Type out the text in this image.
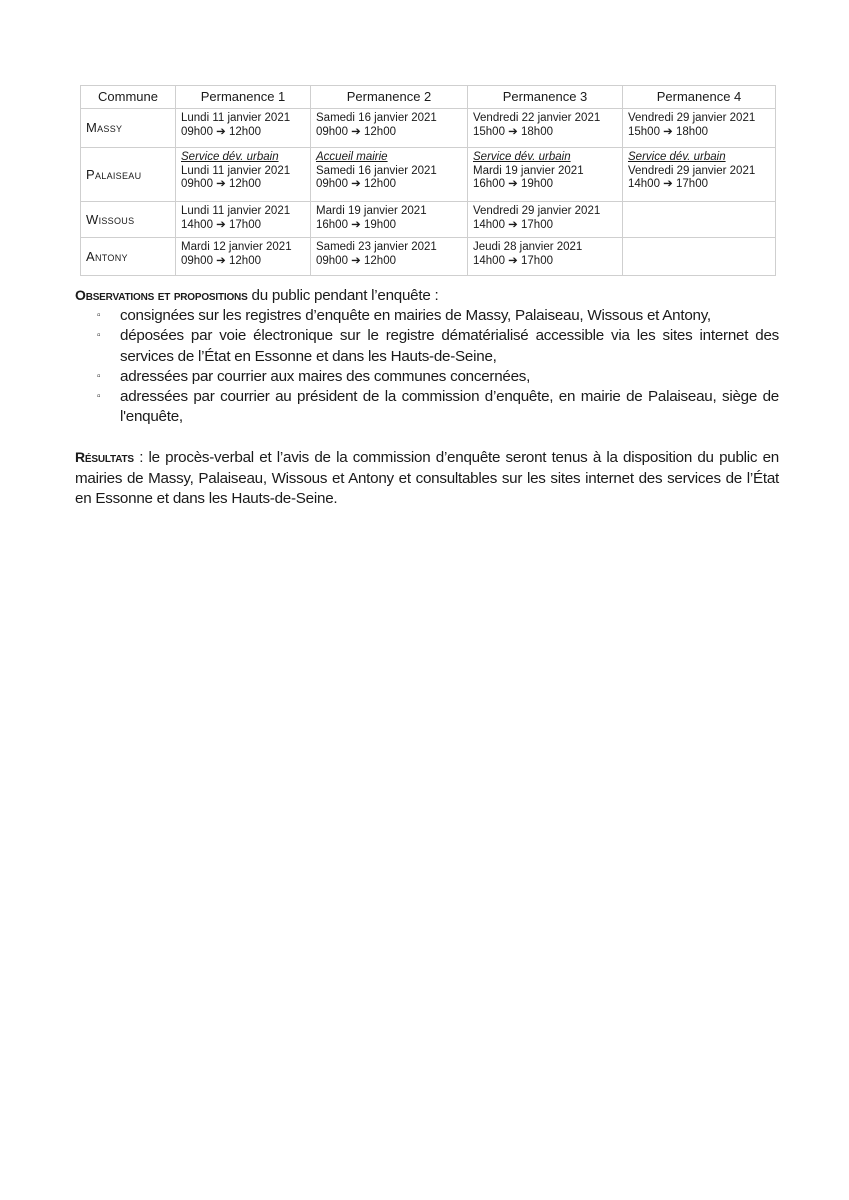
Commune	Permanence 1	Permanence 2	Permanence 3	Permanence 4
Massy	Lundi 11 janvier 2021
09h00 ➔ 12h00	Samedi 16 janvier 2021
09h00 ➔ 12h00	Vendredi 22 janvier 2021
15h00 ➔ 18h00	Vendredi 29 janvier 2021
15h00 ➔ 18h00

Palaiseau	Service dév. urbain
Lundi 11 janvier 2021
09h00 ➔ 12h00	Accueil mairie
Samedi 16 janvier 2021
09h00 ➔ 12h00	Service dév. urbain
Mardi 19 janvier 2021
16h00 ➔ 19h00	Service dév. urbain
Vendredi 29 janvier 2021
14h00 ➔ 17h00

Wissous	Lundi 11 janvier 2021
14h00 ➔ 17h00	Mardi 19 janvier 2021
16h00 ➔ 19h00	Vendredi 29 janvier 2021
14h00 ➔ 17h00	

Antony	Mardi 12 janvier 2021
09h00 ➔ 12h00	Samedi 23 janvier 2021
09h00 ➔ 12h00	Jeudi 28 janvier 2021
14h00 ➔ 17h00	

Observations et propositions du public pendant l’enquête :
▫ consignées sur les registres d’enquête en mairies de Massy, Palaiseau, Wissous et Antony,
▫ déposées par voie électronique sur le registre dématérialisé accessible via les sites internet des services de l’État en Essonne et dans les Hauts-de-Seine,
▫ adressées par courrier aux maires des communes concernées,
▫ adressées par courrier au président de la commission d’enquête, en mairie de Palaiseau, siège de l'enquête,

Résultats : le procès-verbal et l’avis de la commission d’enquête seront tenus à la disposition du public en mairies de Massy, Palaiseau, Wissous et Antony et consultables sur les sites internet des services de l’État en Essonne et dans les Hauts-de-Seine.
